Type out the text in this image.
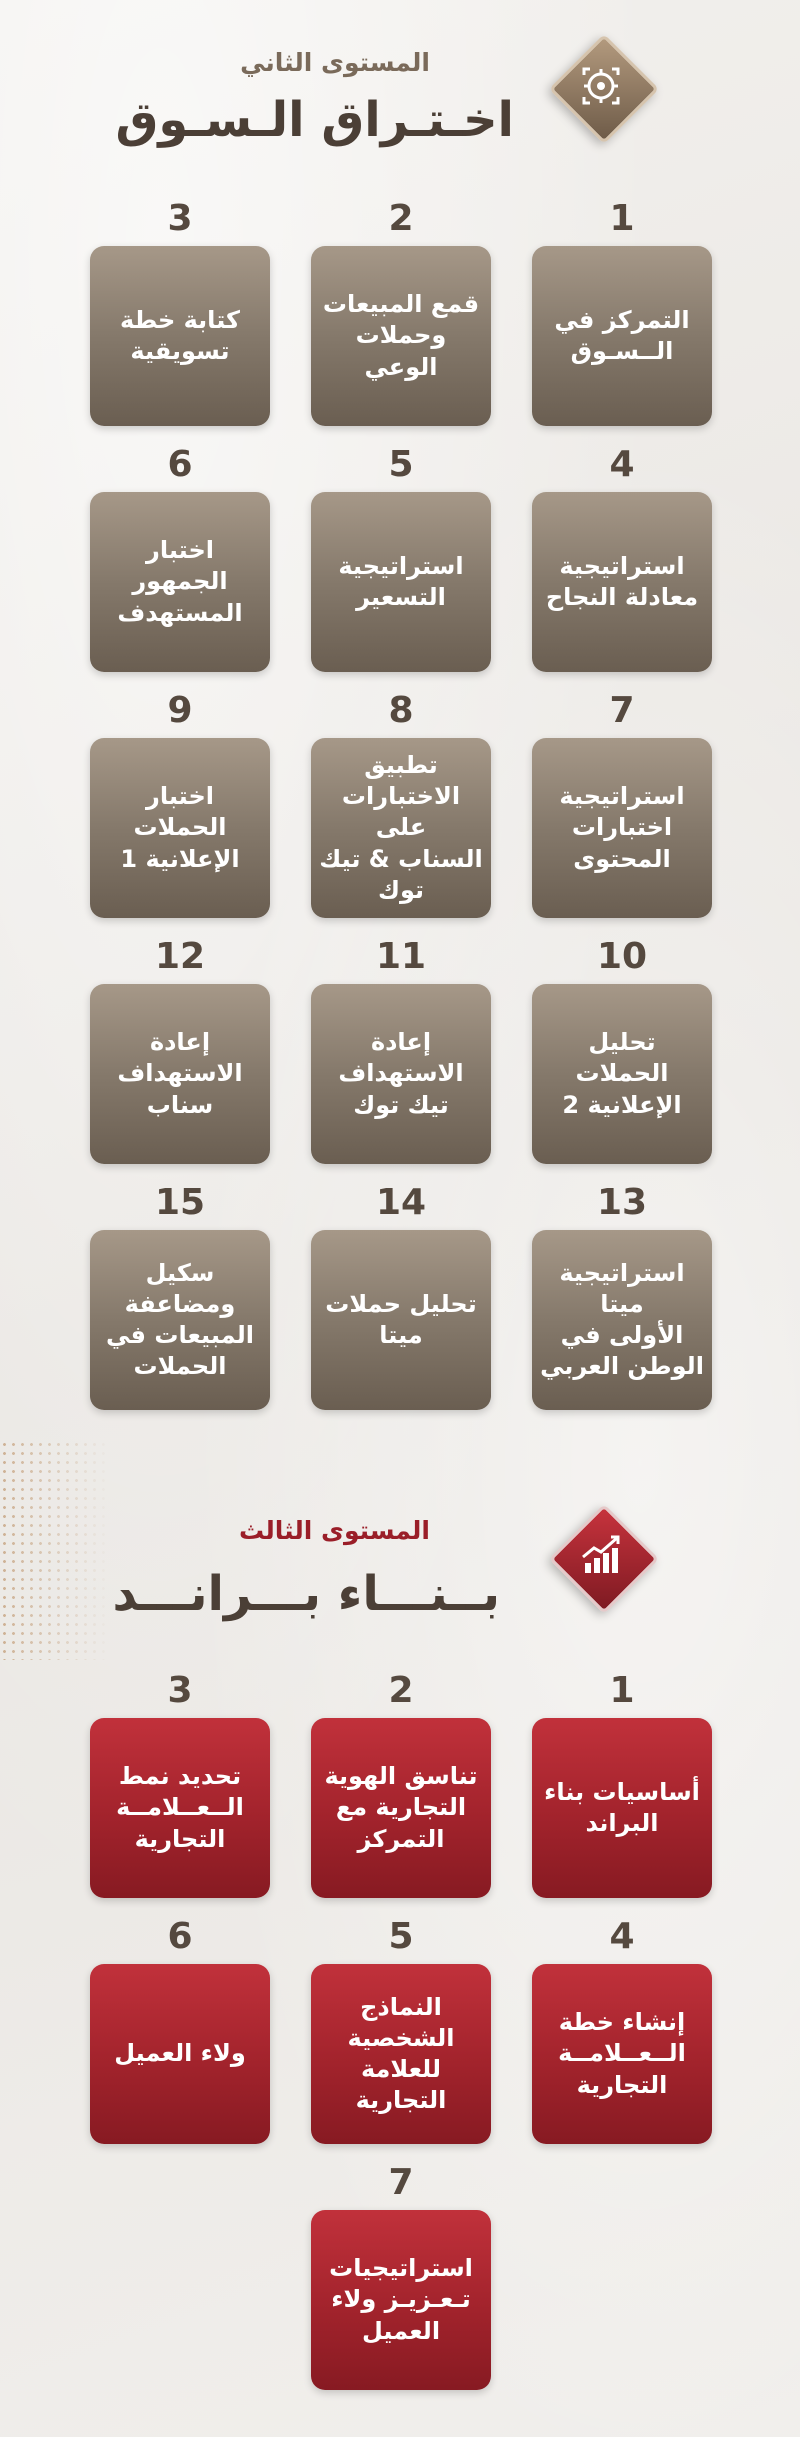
المستوى الثاني
اخـتـراق الـسـوق
1
التمركز في
الــسـوق
2
قمع المبيعات
وحملات الوعي
3
كتابة خطة
تسويقية
4
استراتيجية
معادلة النجاح
5
استراتيجية
التسعير
6
اختبار الجمهور
المستهدف
7
استراتيجية
اختبارات
المحتوى
8
تطبيق
الاختبارات على
السناب & تيك
توك
9
اختبار الحملات
الإعلانية 1
10
تحليل
الحملات
الإعلانية 2
11
إعادة
الاستهداف
تيك توك
12
إعادة
الاستهداف
سناب
13
استراتيجية
ميتا
الأولى في
الوطن العربي
14
تحليل حملات
ميتا
15
سكيل
ومضاعفة
المبيعات في
الحملات
المستوى الثالث
بــنـــاء بـــرانـــد
1
أساسيات بناء
البراند
2
تناسق الهوية
التجارية مع
التمركز
3
تحديد نمط
الــعــلامــة
التجارية
4
إنشاء خطة
الــعــلامــة
التجارية
5
النماذج
الشخصية
للعلامة
التجارية
6
ولاء العميل
7
استراتيجيات
تـعـزيـز ولاء
العميل
